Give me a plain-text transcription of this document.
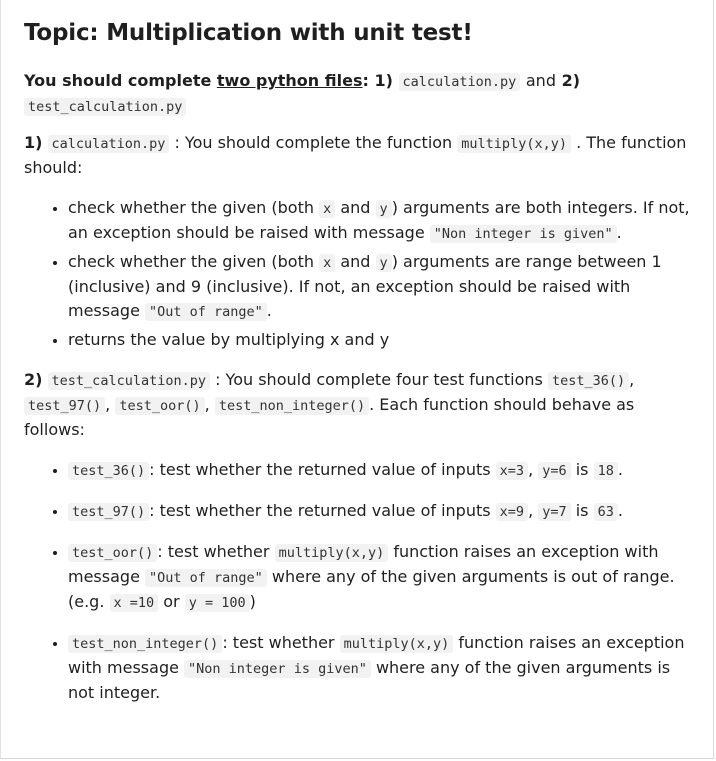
Topic: Multiplication with unit test!

You should complete two python files: 1) calculation.py and 2)
test_calculation.py

1) calculation.py : You should complete the function multiply(x,y) . The function should:

• check whether the given (both x and y ) arguments are both integers. If not, an exception should be raised with message "Non integer is given" .
• check whether the given (both x and y ) arguments are range between 1 (inclusive) and 9 (inclusive). If not, an exception should be raised with message "Out of range" .
• returns the value by multiplying x and y

2) test_calculation.py : You should complete four test functions test_36() , test_97() , test_oor() , test_non_integer() . Each function should behave as follows:

• test_36() : test whether the returned value of inputs x=3 , y=6 is 18 .
• test_97() : test whether the returned value of inputs x=9 , y=7 is 63 .
• test_oor() : test whether multiply(x,y) function raises an exception with message "Out of range" where any of the given arguments is out of range. (e.g. x =10 or y = 100 )
• test_non_integer() : test whether multiply(x,y) function raises an exception with message "Non integer is given" where any of the given arguments is not integer.
